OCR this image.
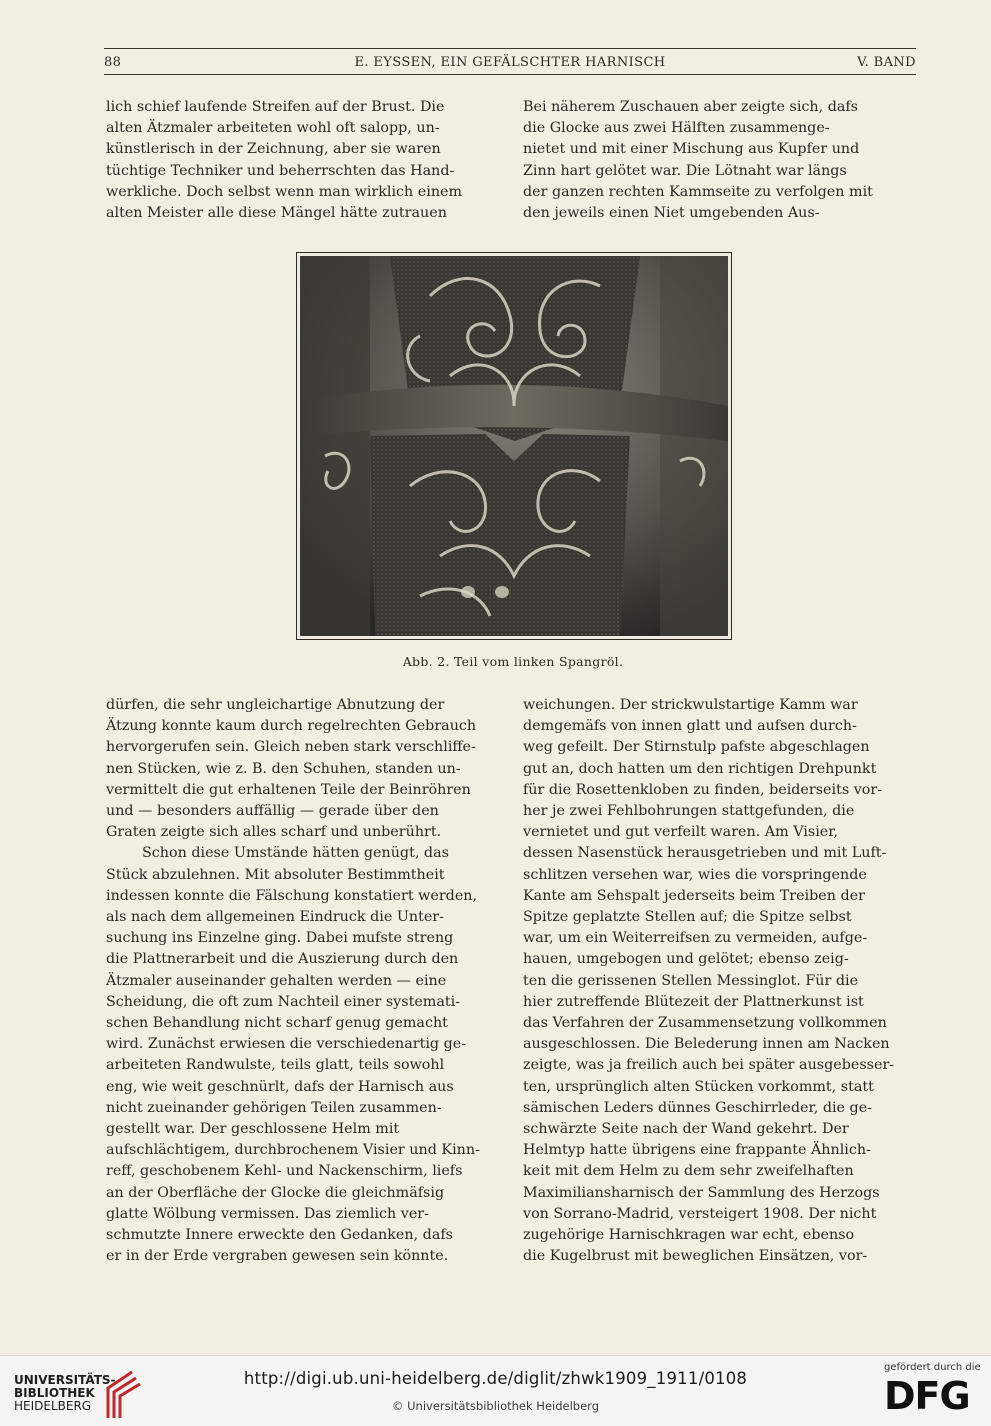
88	E. EYSSEN, EIN GEFÄLSCHTER HARNISCH	V. BAND
lich schief laufende Streifen auf der Brust. Die
alten Ätzmaler arbeiteten wohl oft salopp, un-
künstlerisch in der Zeichnung, aber sie waren
tüchtige Techniker und beherrschten das Hand-
werkliche. Doch selbst wenn man wirklich einem
alten Meister alle diese Mängel hätte zutrauen
Bei näherem Zuschauen aber zeigte sich, dafs
die Glocke aus zwei Hälften zusammenge-
nietet und mit einer Mischung aus Kupfer und
Zinn hart gelötet war. Die Lötnaht war längs
der ganzen rechten Kammseite zu verfolgen mit
den jeweils einen Niet umgebenden Aus-
Abb. 2. Teil vom linken Spangröl.
dürfen, die sehr ungleichartige Abnutzung der
Ätzung konnte kaum durch regelrechten Gebrauch
hervorgerufen sein. Gleich neben stark verschliffe-
nen Stücken, wie z. B. den Schuhen, standen un-
vermittelt die gut erhaltenen Teile der Beinröhren
und — besonders auffällig — gerade über den
Graten zeigte sich alles scharf und unberührt.
Schon diese Umstände hätten genügt, das
Stück abzulehnen. Mit absoluter Bestimmtheit
indessen konnte die Fälschung konstatiert werden,
als nach dem allgemeinen Eindruck die Unter-
suchung ins Einzelne ging. Dabei mufste streng
die Plattnerarbeit und die Auszierung durch den
Ätzmaler auseinander gehalten werden — eine
Scheidung, die oft zum Nachteil einer systemati-
schen Behandlung nicht scharf genug gemacht
wird. Zunächst erwiesen die verschiedenartig ge-
arbeiteten Randwulste, teils glatt, teils sowohl
eng, wie weit geschnürlt, dafs der Harnisch aus
nicht zueinander gehörigen Teilen zusammen-
gestellt war. Der geschlossene Helm mit
aufschlächtigem, durchbrochenem Visier und Kinn-
reff, geschobenem Kehl- und Nackenschirm, liefs
an der Oberfläche der Glocke die gleichmäfsig
glatte Wölbung vermissen. Das ziemlich ver-
schmutzte Innere erweckte den Gedanken, dafs
er in der Erde vergraben gewesen sein könnte.
weichungen. Der strickwulstartige Kamm war
demgemäfs von innen glatt und aufsen durch-
weg gefeilt. Der Stirnstulp pafste abgeschlagen
gut an, doch hatten um den richtigen Drehpunkt
für die Rosettenkloben zu finden, beiderseits vor-
her je zwei Fehlbohrungen stattgefunden, die
vernietet und gut verfeilt waren. Am Visier,
dessen Nasenstück herausgetrieben und mit Luft-
schlitzen versehen war, wies die vorspringende
Kante am Sehspalt jederseits beim Treiben der
Spitze geplatzte Stellen auf; die Spitze selbst
war, um ein Weiterreifsen zu vermeiden, aufge-
hauen, umgebogen und gelötet; ebenso zeig-
ten die gerissenen Stellen Messinglot. Für die
hier zutreffende Blütezeit der Plattnerkunst ist
das Verfahren der Zusammensetzung vollkommen
ausgeschlossen. Die Belederung innen am Nacken
zeigte, was ja freilich auch bei später ausgebesser-
ten, ursprünglich alten Stücken vorkommt, statt
sämischen Leders dünnes Geschirrleder, die ge-
schwärzte Seite nach der Wand gekehrt. Der
Helmtyp hatte übrigens eine frappante Ähnlich-
keit mit dem Helm zu dem sehr zweifelhaften
Maximiliansharnisch der Sammlung des Herzogs
von Sorrano-Madrid, versteigert 1908. Der nicht
zugehörige Harnischkragen war echt, ebenso
die Kugelbrust mit beweglichen Einsätzen, vor-
UNIVERSITÄTS-
BIBLIOTHEK
HEIDELBERG
http://digi.ub.uni-heidelberg.de/diglit/zhwk1909_1911/0108
© Universitätsbibliothek Heidelberg
gefördert durch die
DFG
